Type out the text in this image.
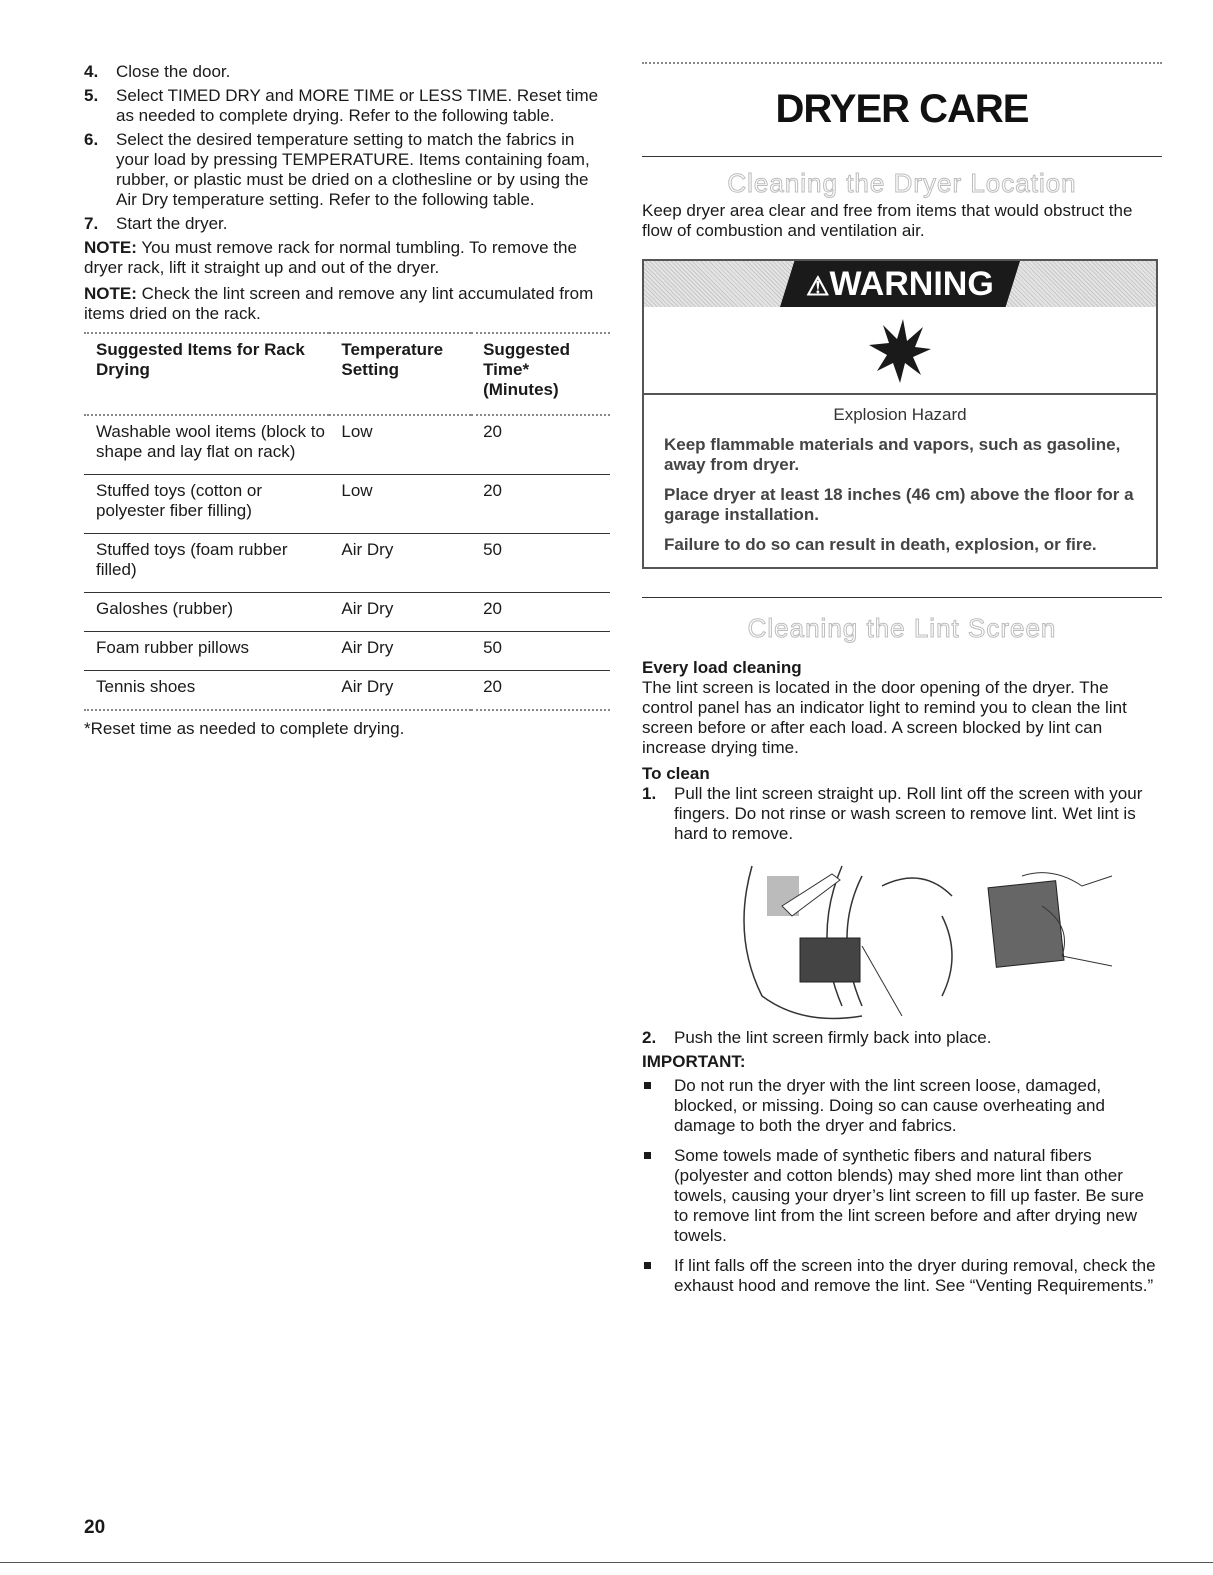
4. Close the door.
5. Select TIMED DRY and MORE TIME or LESS TIME. Reset time as needed to complete drying. Refer to the following table.
6. Select the desired temperature setting to match the fabrics in your load by pressing TEMPERATURE. Items containing foam, rubber, or plastic must be dried on a clothesline or by using the Air Dry temperature setting. Refer to the following table.
7. Start the dryer.

NOTE: You must remove rack for normal tumbling. To remove the dryer rack, lift it straight up and out of the dryer.

NOTE: Check the lint screen and remove any lint accumulated from items dried on the rack.

Suggested Items for Rack Drying	Temperature Setting	Suggested Time* (Minutes)
Washable wool items (block to shape and lay flat on rack)	Low	20
Stuffed toys (cotton or polyester fiber filling)	Low	20
Stuffed toys (foam rubber filled)	Air Dry	50
Galoshes (rubber)	Air Dry	20
Foam rubber pillows	Air Dry	50
Tennis shoes	Air Dry	20
*Reset time as needed to complete drying.
DRYER CARE
Cleaning the Dryer Location

Keep dryer area clear and free from items that would obstruct the flow of combustion and ventilation air.

⚠WARNING

Explosion Hazard

Keep flammable materials and vapors, such as gasoline, away from dryer.

Place dryer at least 18 inches (46 cm) above the floor for a garage installation.

Failure to do so can result in death, explosion, or fire.

Cleaning the Lint Screen

Every load cleaning

The lint screen is located in the door opening of the dryer. The control panel has an indicator light to remind you to clean the lint screen before or after each load. A screen blocked by lint can increase drying time.

To clean

1. Pull the lint screen straight up. Roll lint off the screen with your fingers. Do not rinse or wash screen to remove lint. Wet lint is hard to remove.
2. Push the lint screen firmly back into place.

IMPORTANT:

Do not run the dryer with the lint screen loose, damaged, blocked, or missing. Doing so can cause overheating and damage to both the dryer and fabrics.
Some towels made of synthetic fibers and natural fibers (polyester and cotton blends) may shed more lint than other towels, causing your dryer’s lint screen to fill up faster. Be sure to remove lint from the lint screen before and after drying new towels.
If lint falls off the screen into the dryer during removal, check the exhaust hood and remove the lint. See “Venting Requirements.”
20
